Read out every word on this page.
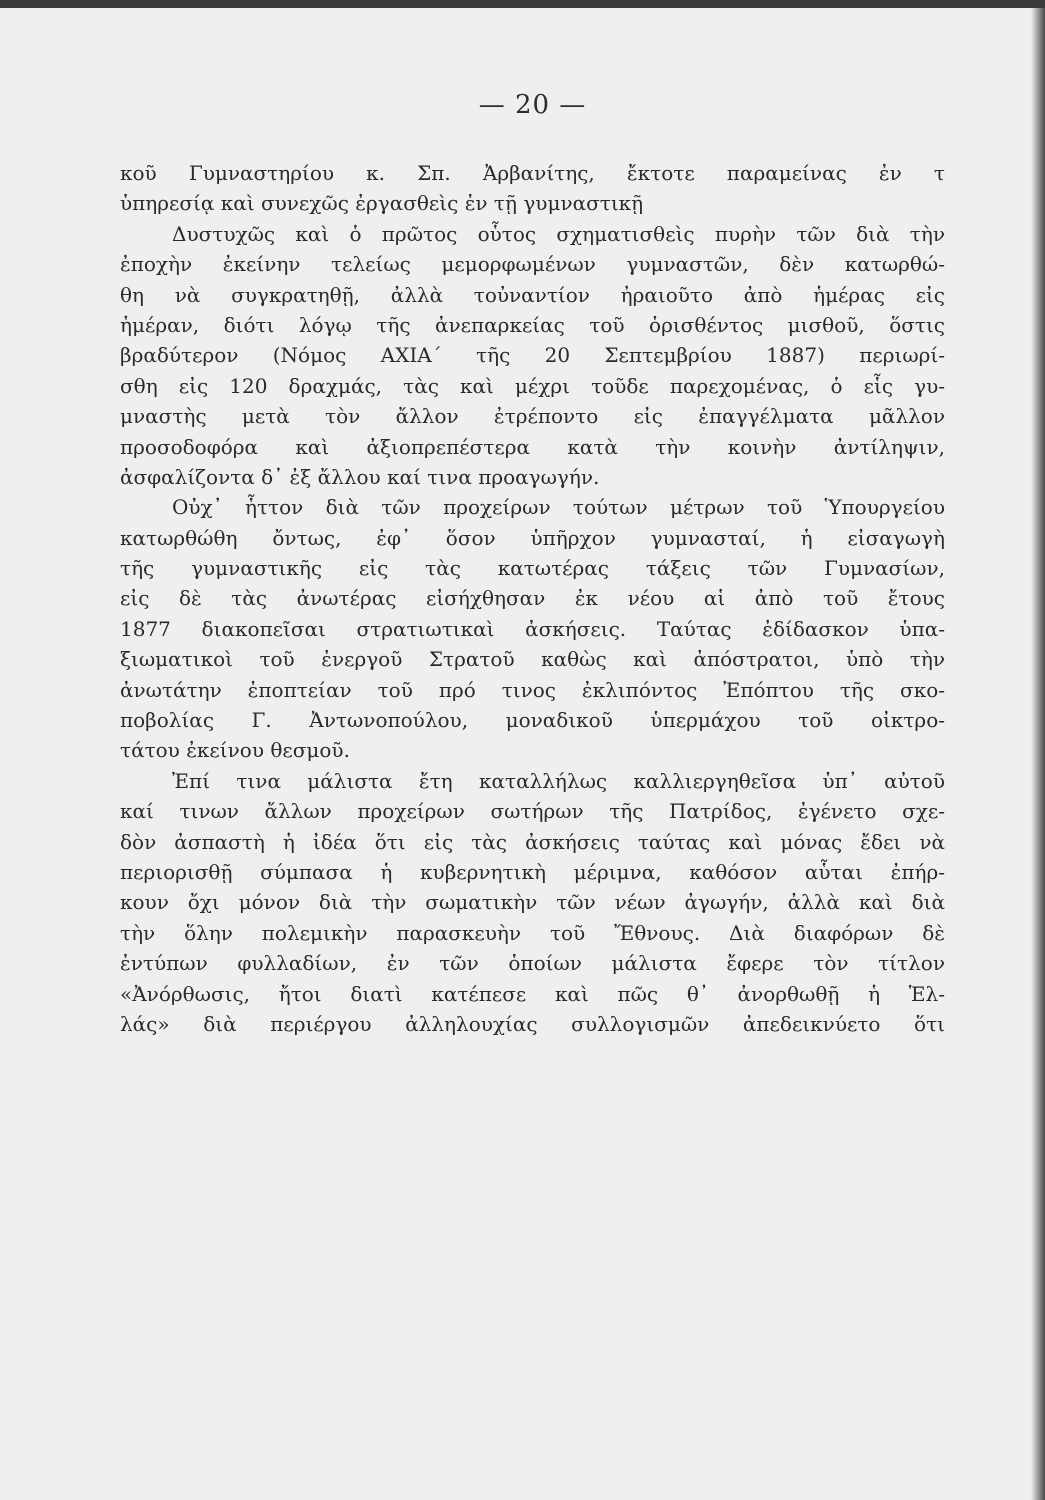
— 20 —
κοῦ Γυμναστηρίου κ. Σπ. Ἀρβανίτης, ἔκτοτε παραμείνας ἐν τ
ὑπηρεσίᾳ καὶ συνεχῶς ἐργασθεὶς ἐν τῇ γυμναστικῇ
Δυστυχῶς καὶ ὁ πρῶτος οὗτος σχηματισθεὶς πυρὴν τῶν διὰ τὴν
ἐποχὴν ἐκείνην τελείως μεμορφωμένων γυμναστῶν, δὲν κατωρθώ-
θη νὰ συγκρατηθῇ, ἀλλὰ τοὐναντίον ἠραιοῦτο ἀπὸ ἡμέρας εἰς
ἡμέραν, διότι λόγῳ τῆς ἀνεπαρκείας τοῦ ὁρισθέντος μισθοῦ, ὅστις
βραδύτερον (Νόμος ΑΧΙΑ΄ τῆς 20 Σεπτεμβρίου 1887) περιωρί-
σθη εἰς 120 δραχμάς, τὰς καὶ μέχρι τοῦδε παρεχομένας, ὁ εἷς γυ-
μναστὴς μετὰ τὸν ἄλλον ἐτρέποντο εἰς ἐπαγγέλματα μᾶλλον
προσοδοφόρα καὶ ἀξιοπρεπέστερα κατὰ τὴν κοινὴν ἀντίληψιν,
ἀσφαλίζοντα δ᾽ ἐξ ἄλλου καί τινα προαγωγήν.
Οὐχ᾽ ἧττον διὰ τῶν προχείρων τούτων μέτρων τοῦ Ὑπουργείου
κατωρθώθη ὄντως, ἐφ᾽ ὅσον ὑπῆρχον γυμνασταί, ἡ εἰσαγωγὴ
τῆς γυμναστικῆς εἰς τὰς κατωτέρας τάξεις τῶν Γυμνασίων,
εἰς δὲ τὰς ἀνωτέρας εἰσήχθησαν ἐκ νέου αἱ ἀπὸ τοῦ ἔτους
1877 διακοπεῖσαι στρατιωτικαὶ ἀσκήσεις. Ταύτας ἐδίδασκον ὑπα-
ξιωματικοὶ τοῦ ἐνεργοῦ Στρατοῦ καθὼς καὶ ἀπόστρατοι, ὑπὸ τὴν
ἀνωτάτην ἐποπτείαν τοῦ πρό τινος ἐκλιπόντος Ἐπόπτου τῆς σκο-
ποβολίας Γ. Ἀντωνοπούλου, μοναδικοῦ ὑπερμάχου τοῦ οἰκτρο-
τάτου ἐκείνου θεσμοῦ.
Ἐπί τινα μάλιστα ἔτη καταλλήλως καλλιεργηθεῖσα ὑπ᾽ αὐτοῦ
καί τινων ἄλλων προχείρων σωτήρων τῆς Πατρίδος, ἐγένετο σχε-
δὸν ἀσπαστὴ ἡ ἰδέα ὅτι εἰς τὰς ἀσκήσεις ταύτας καὶ μόνας ἔδει νὰ
περιορισθῇ σύμπασα ἡ κυβερνητικὴ μέριμνα, καθόσον αὗται ἐπήρ-
κουν ὄχι μόνον διὰ τὴν σωματικὴν τῶν νέων ἀγωγήν, ἀλλὰ καὶ διὰ
τὴν ὅλην πολεμικὴν παρασκευὴν τοῦ Ἔθνους. Διὰ διαφόρων δὲ
ἐντύπων φυλλαδίων, ἐν τῶν ὁποίων μάλιστα ἔφερε τὸν τίτλον
«Ἀνόρθωσις, ἤτοι διατὶ κατέπεσε καὶ πῶς θ᾽ ἀνορθωθῇ ἡ Ἑλ-
λάς» διὰ περιέργου ἀλληλουχίας συλλογισμῶν ἀπεδεικνύετο ὅτι
